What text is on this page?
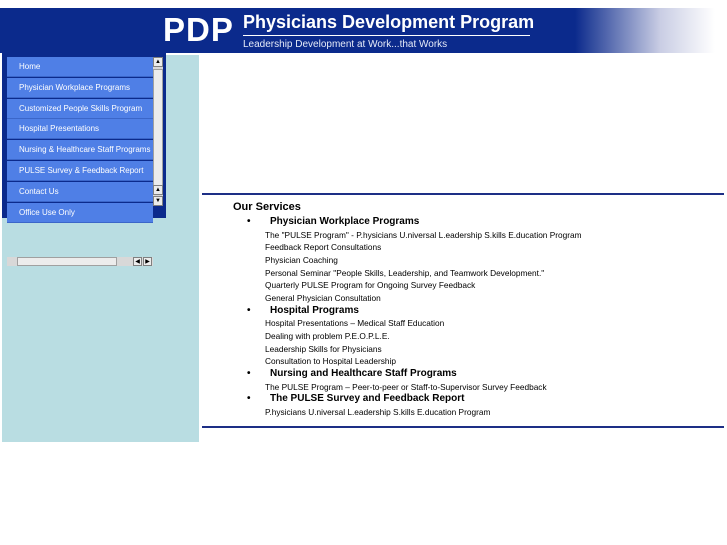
PDP Physicians Development Program
Leadership Development at Work...that Works
Home
Physician Workplace Programs
Customized People Skills Program
Hospital Presentations
Nursing & Healthcare Staff Programs
PULSE Survey & Feedback Report
Contact Us
Office Use Only
▲
▲
▼
◀ ▶
Our Services
• Physician Workplace Programs
The "PULSE Program" - P.hysicians U.niversal L.eadership S.kills E.ducation Program
Feedback Report Consultations
Physician Coaching
Personal Seminar "People Skills, Leadership, and Teamwork Development."
Quarterly PULSE Program for Ongoing Survey Feedback
General Physician Consultation
• Hospital Programs
Hospital Presentations – Medical Staff Education
Dealing with problem P.E.O.P.L.E.
Leadership Skills for Physicians
Consultation to Hospital Leadership
• Nursing and Healthcare Staff Programs
The PULSE Program – Peer-to-peer or Staff-to-Supervisor Survey Feedback
• The PULSE Survey and Feedback Report
P.hysicians U.niversal L.eadership S.kills E.ducation Program
